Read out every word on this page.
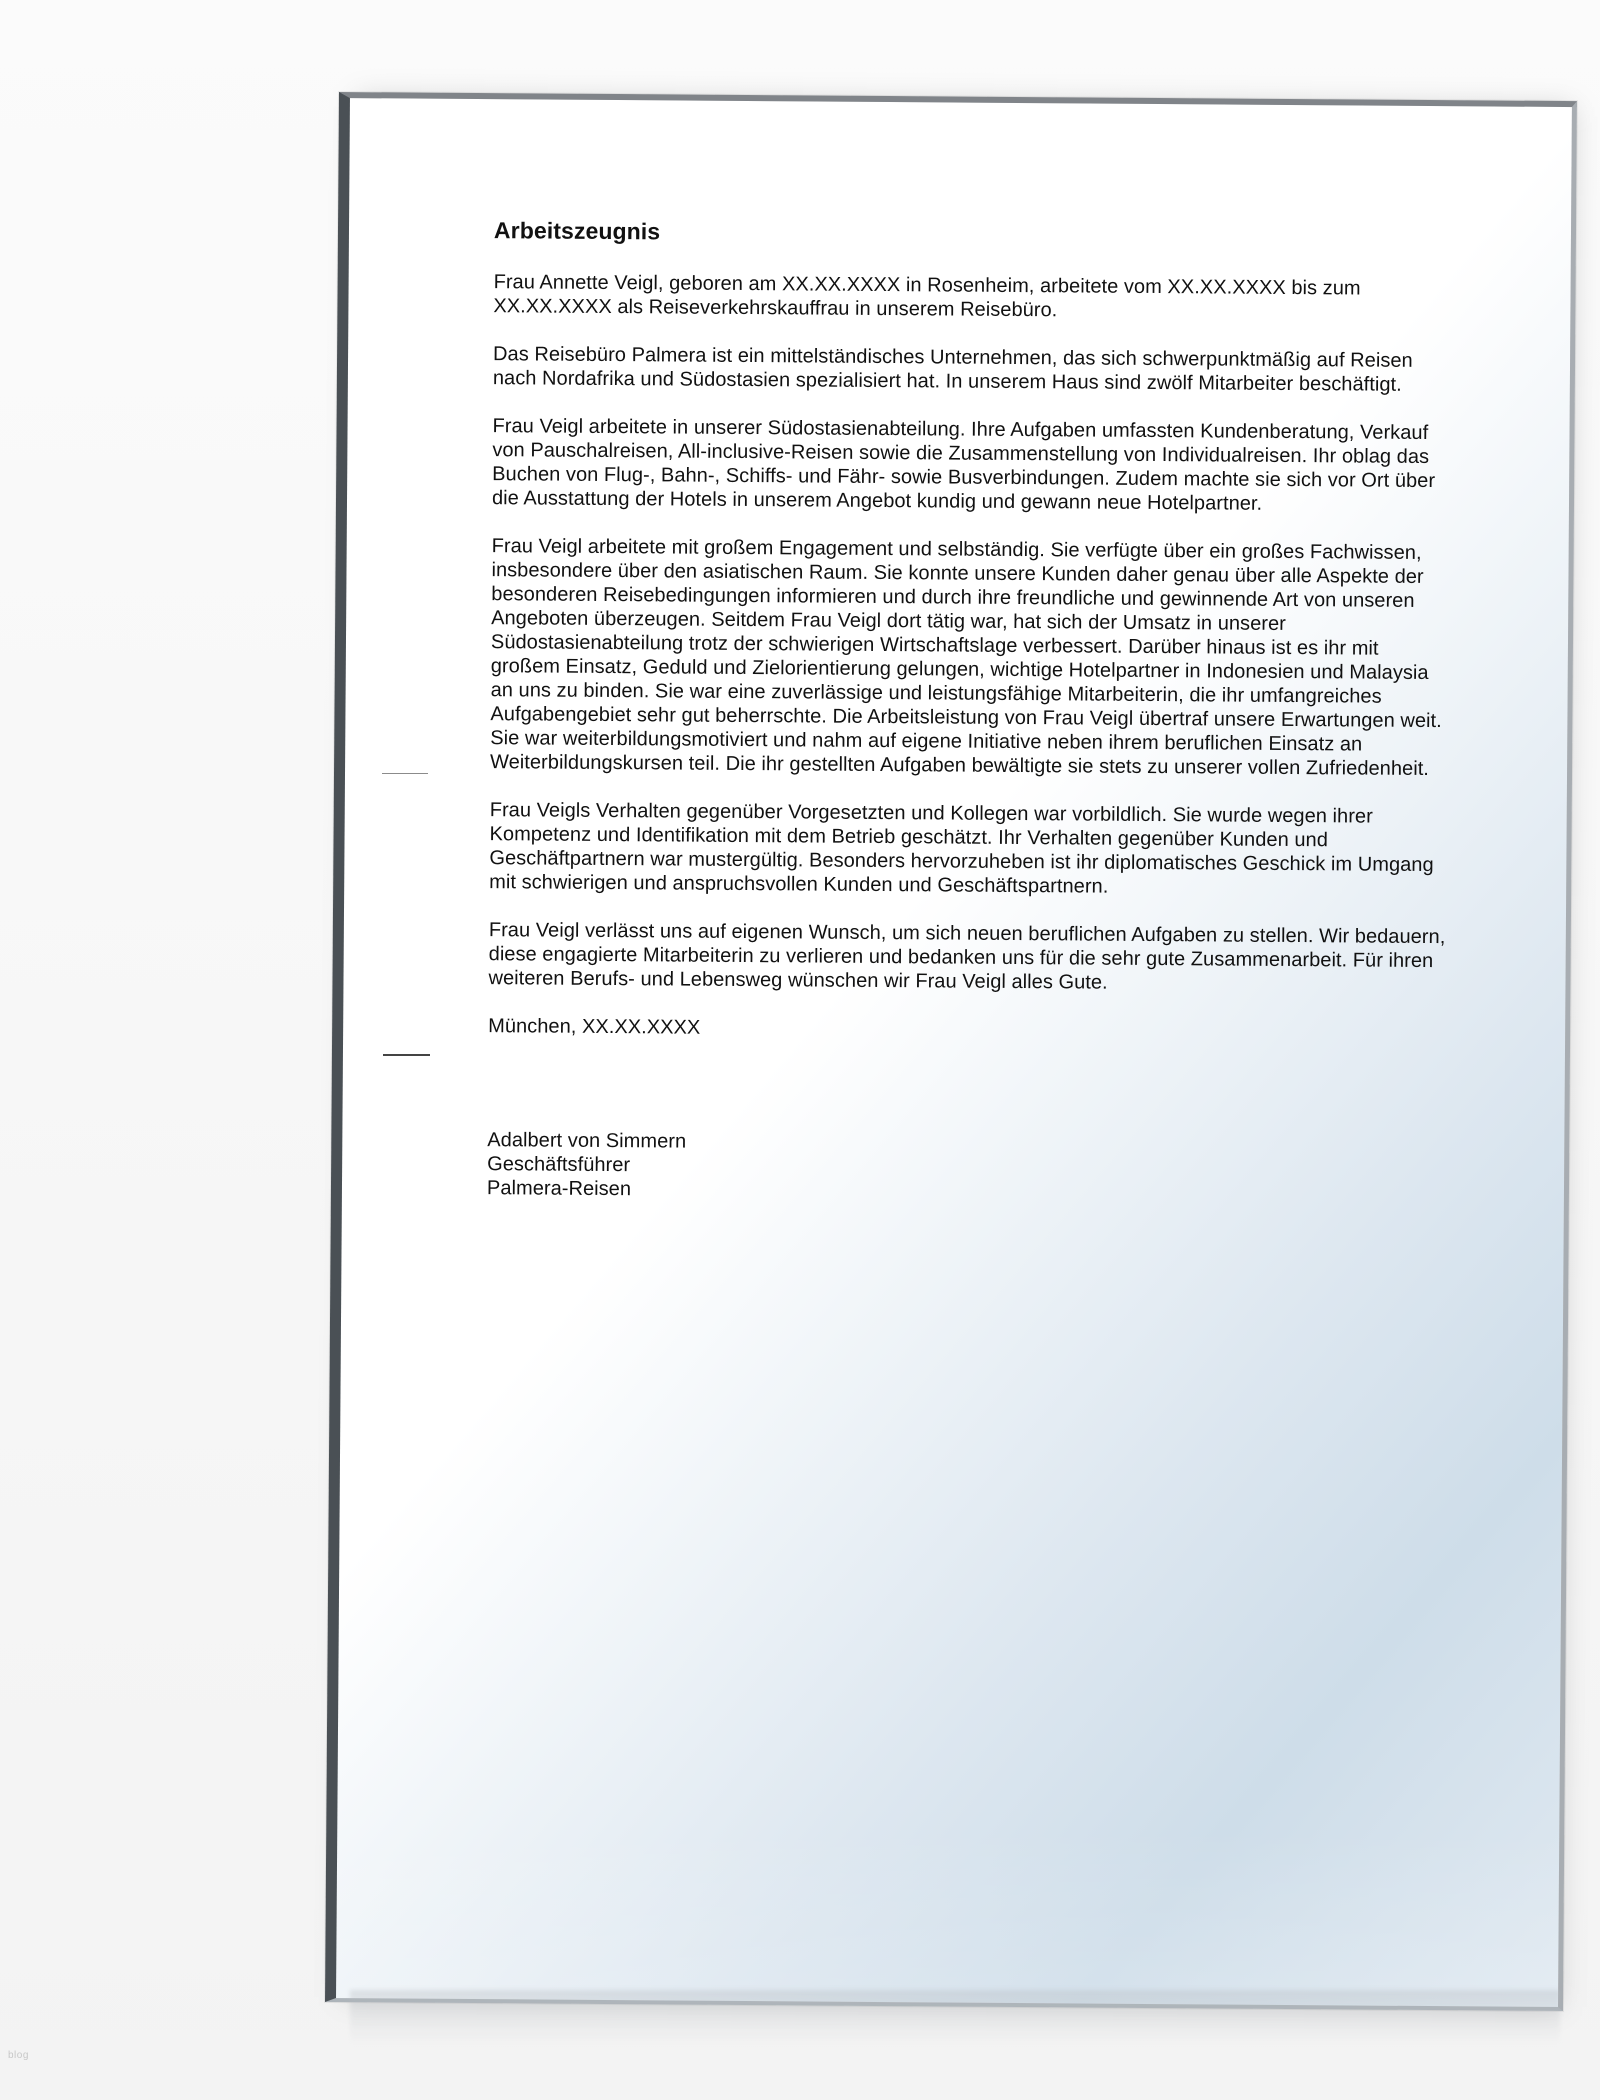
Arbeitszeugnis
Frau Annette Veigl, geboren am XX.XX.XXXX in Rosenheim, arbeitete vom XX.XX.XXXX bis zum XX.XX.XXXX als Reiseverkehrskauffrau in unserem Reisebüro.
Das Reisebüro Palmera ist ein mittelständisches Unternehmen, das sich schwerpunktmäßig auf Reisen nach Nordafrika und Südostasien spezialisiert hat. In unserem Haus sind zwölf Mitarbeiter beschäftigt.
Frau Veigl arbeitete in unserer Südostasienabteilung. Ihre Aufgaben umfassten Kundenberatung, Verkauf von Pauschalreisen, All-inclusive-Reisen sowie die Zusammenstellung von Individualreisen. Ihr oblag das Buchen von Flug-, Bahn-, Schiffs- und Fähr- sowie Busverbindungen. Zudem machte sie sich vor Ort über die Ausstattung der Hotels in unserem Angebot kundig und gewann neue Hotelpartner.
Frau Veigl arbeitete mit großem Engagement und selbständig. Sie verfügte über ein großes Fachwissen, insbesondere über den asiatischen Raum. Sie konnte unsere Kunden daher genau über alle Aspekte der besonderen Reisebedingungen informieren und durch ihre freundliche und gewinnende Art von unseren Angeboten überzeugen. Seitdem Frau Veigl dort tätig war, hat sich der Umsatz in unserer Südostasienabteilung trotz der schwierigen Wirtschaftslage verbessert. Darüber hinaus ist es ihr mit großem Einsatz, Geduld und Zielorientierung gelungen, wichtige Hotelpartner in Indonesien und Malaysia an uns zu binden. Sie war eine zuverlässige und leistungsfähige Mitarbeiterin, die ihr umfangreiches Aufgabengebiet sehr gut beherrschte. Die Arbeitsleistung von Frau Veigl übertraf unsere Erwartungen weit. Sie war weiterbildungsmotiviert und nahm auf eigene Initiative neben ihrem beruflichen Einsatz an Weiterbildungskursen teil. Die ihr gestellten Aufgaben bewältigte sie stets zu unserer vollen Zufriedenheit.
Frau Veigls Verhalten gegenüber Vorgesetzten und Kollegen war vorbildlich. Sie wurde wegen ihrer Kompetenz und Identifikation mit dem Betrieb geschätzt. Ihr Verhalten gegenüber Kunden und Geschäftpartnern war mustergültig. Besonders hervorzuheben ist ihr diplomatisches Geschick im Umgang mit schwierigen und anspruchsvollen Kunden und Geschäftspartnern.
Frau Veigl verlässt uns auf eigenen Wunsch, um sich neuen beruflichen Aufgaben zu stellen. Wir bedauern, diese engagierte Mitarbeiterin zu verlieren und bedanken uns für die sehr gute Zusammenarbeit. Für ihren weiteren Berufs- und Lebensweg wünschen wir Frau Veigl alles Gute.
München, XX.XX.XXXX
Adalbert von Simmern
Geschäftsführer
Palmera-Reisen
blog
